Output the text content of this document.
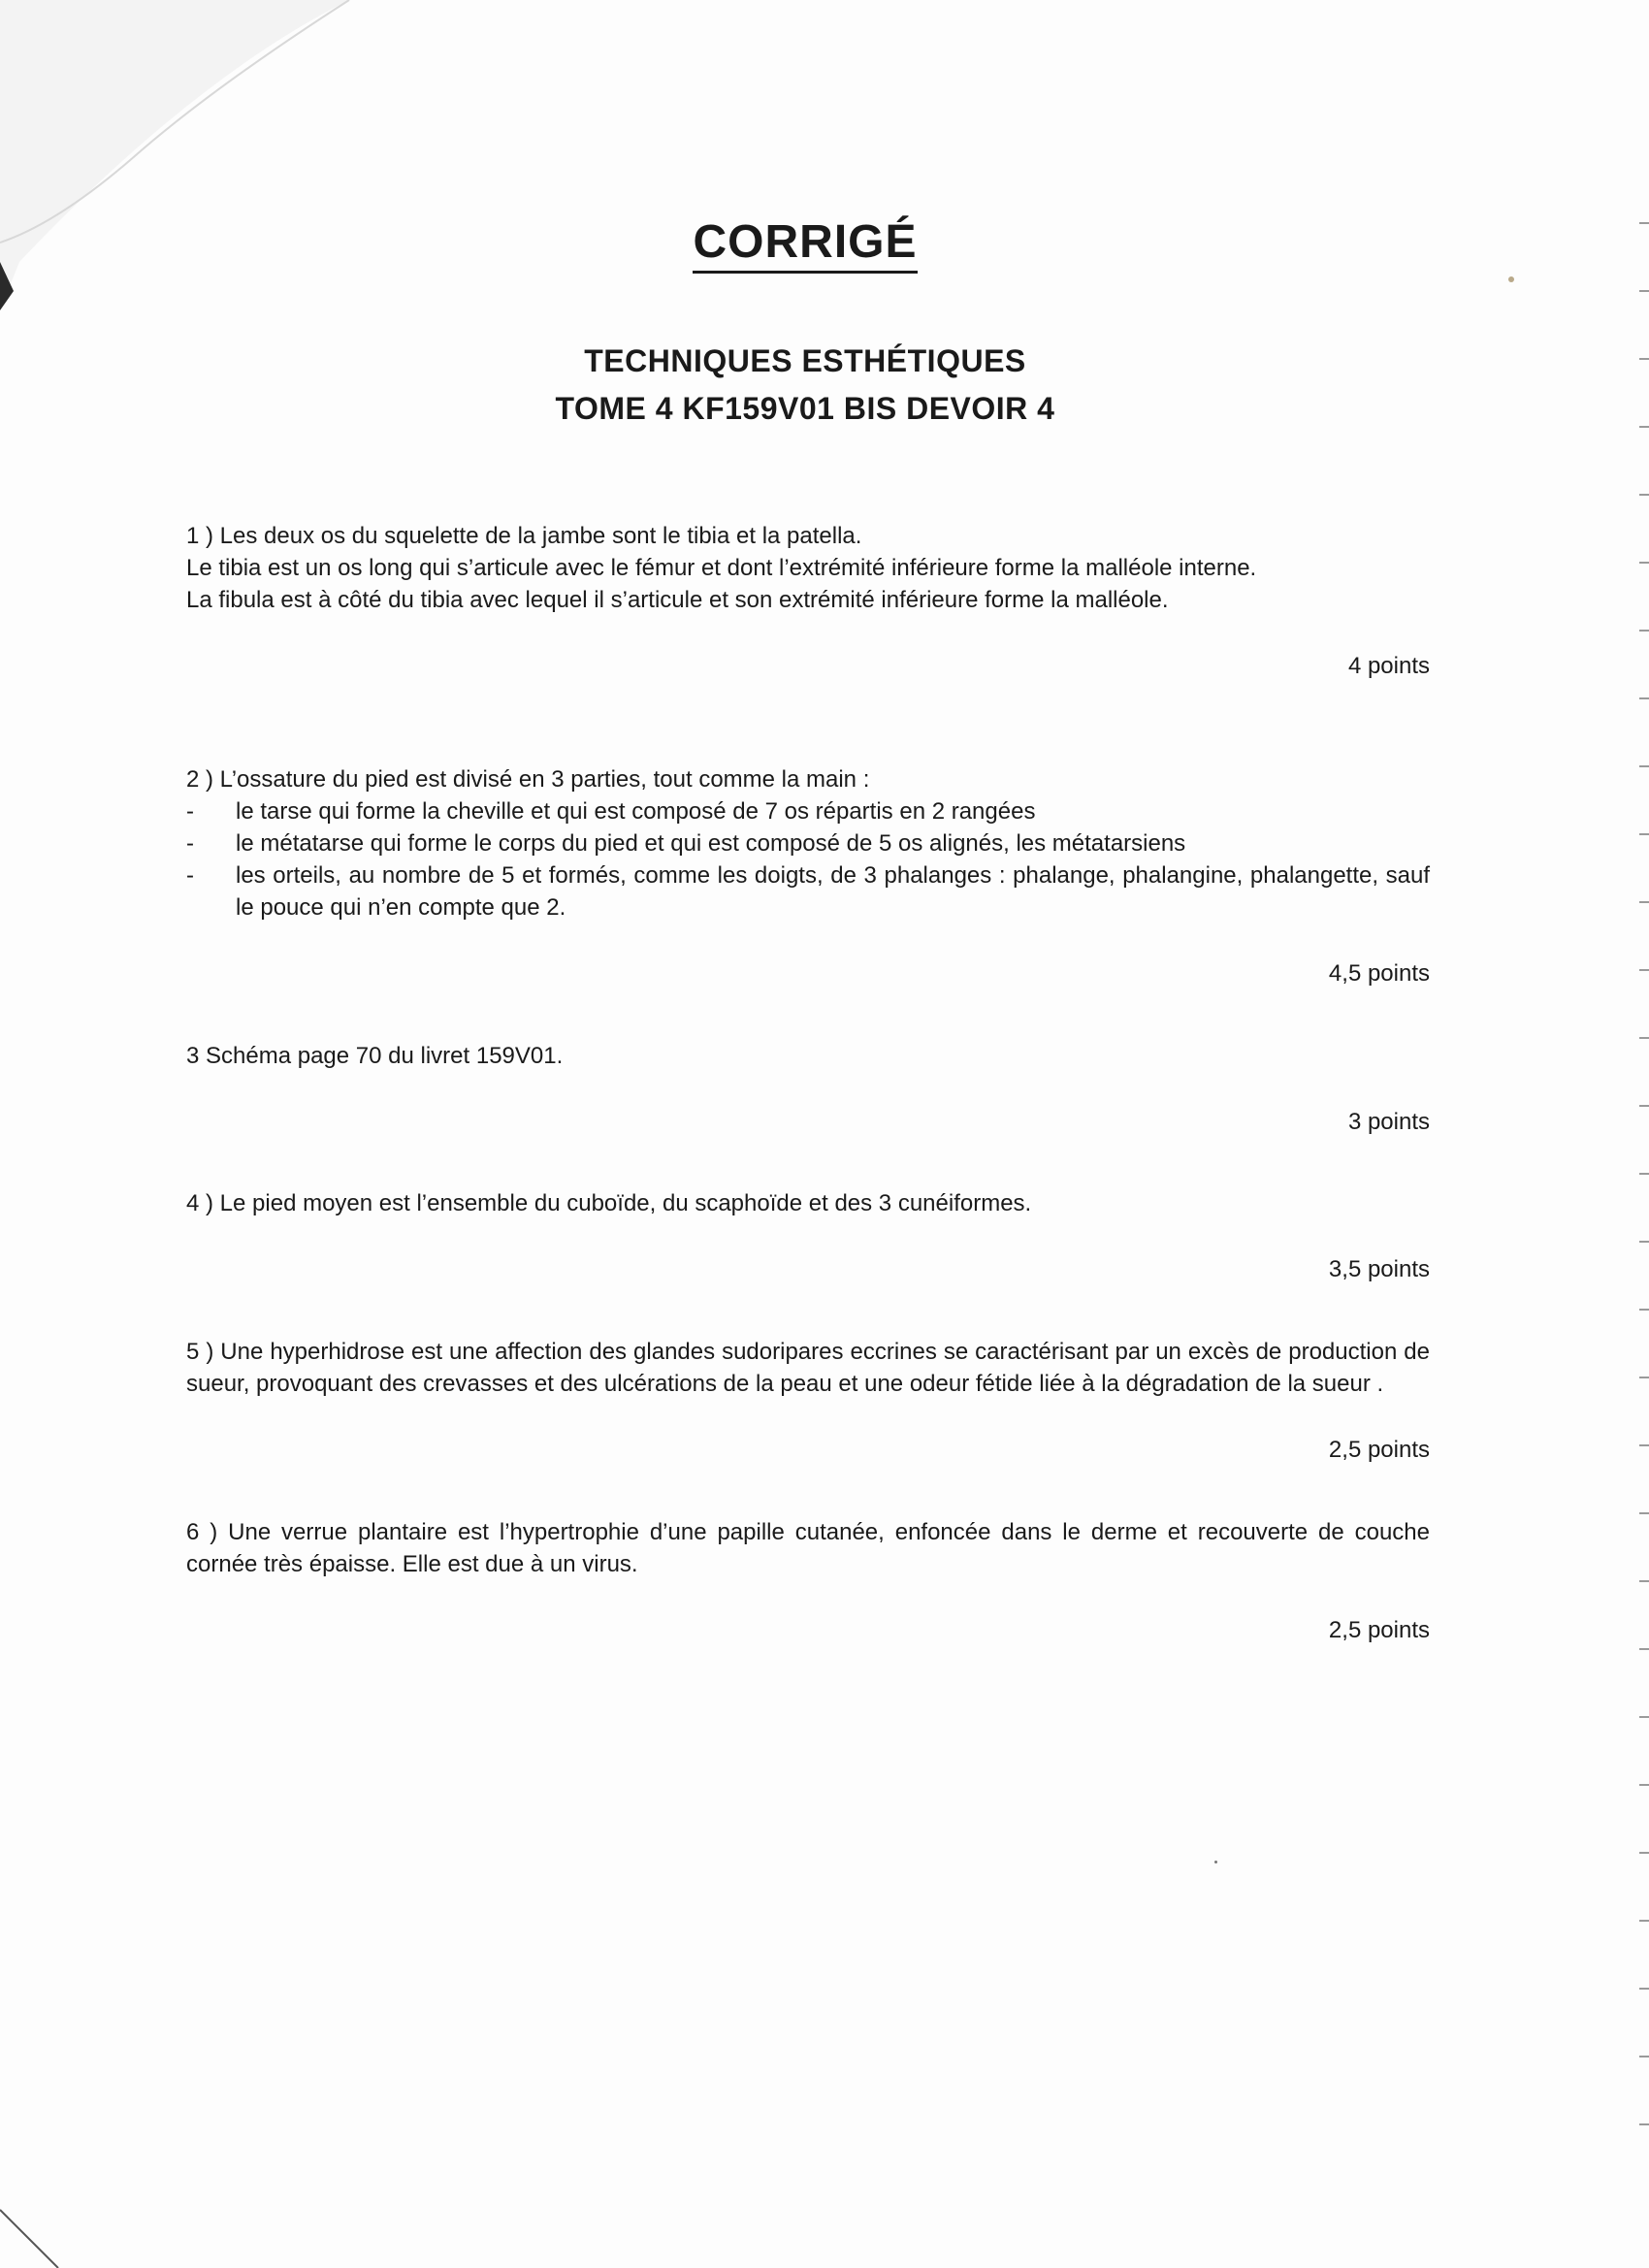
CORRIGÉ
TECHNIQUES ESTHÉTIQUES
TOME 4 KF159V01 BIS DEVOIR 4

1 ) Les deux os du squelette de la jambe sont le tibia et la patella.

Le tibia est un os long qui s’articule avec le fémur et dont l’extrémité inférieure forme la malléole interne.

La fibula est à côté du tibia avec lequel il s’articule et son extrémité inférieure forme la malléole.

4 points

2 ) L’ossature du pied est divisé en 3 parties, tout comme la main :

- le tarse qui forme la cheville et qui est composé de 7 os répartis en 2 rangées
- le métatarse qui forme le corps du pied et qui est composé de 5 os alignés, les métatarsiens
- les orteils, au nombre de 5 et formés, comme les doigts, de 3 phalanges : phalange, phalangine, phalangette, sauf le pouce qui n’en compte que 2.

4,5 points

3 Schéma page 70 du livret 159V01.

3 points

4 ) Le pied moyen est l’ensemble du cuboïde, du scaphoïde et des 3 cunéiformes.

3,5 points

5 ) Une hyperhidrose est une affection des glandes sudoripares eccrines se caractérisant par un excès de production de sueur, provoquant des crevasses et des ulcérations de la peau et une odeur fétide liée à la dégradation de la sueur .

2,5 points

6 ) Une verrue plantaire est l’hypertrophie d’une papille cutanée, enfoncée dans le derme et recouverte de couche cornée très épaisse. Elle est due à un virus.

2,5 points
